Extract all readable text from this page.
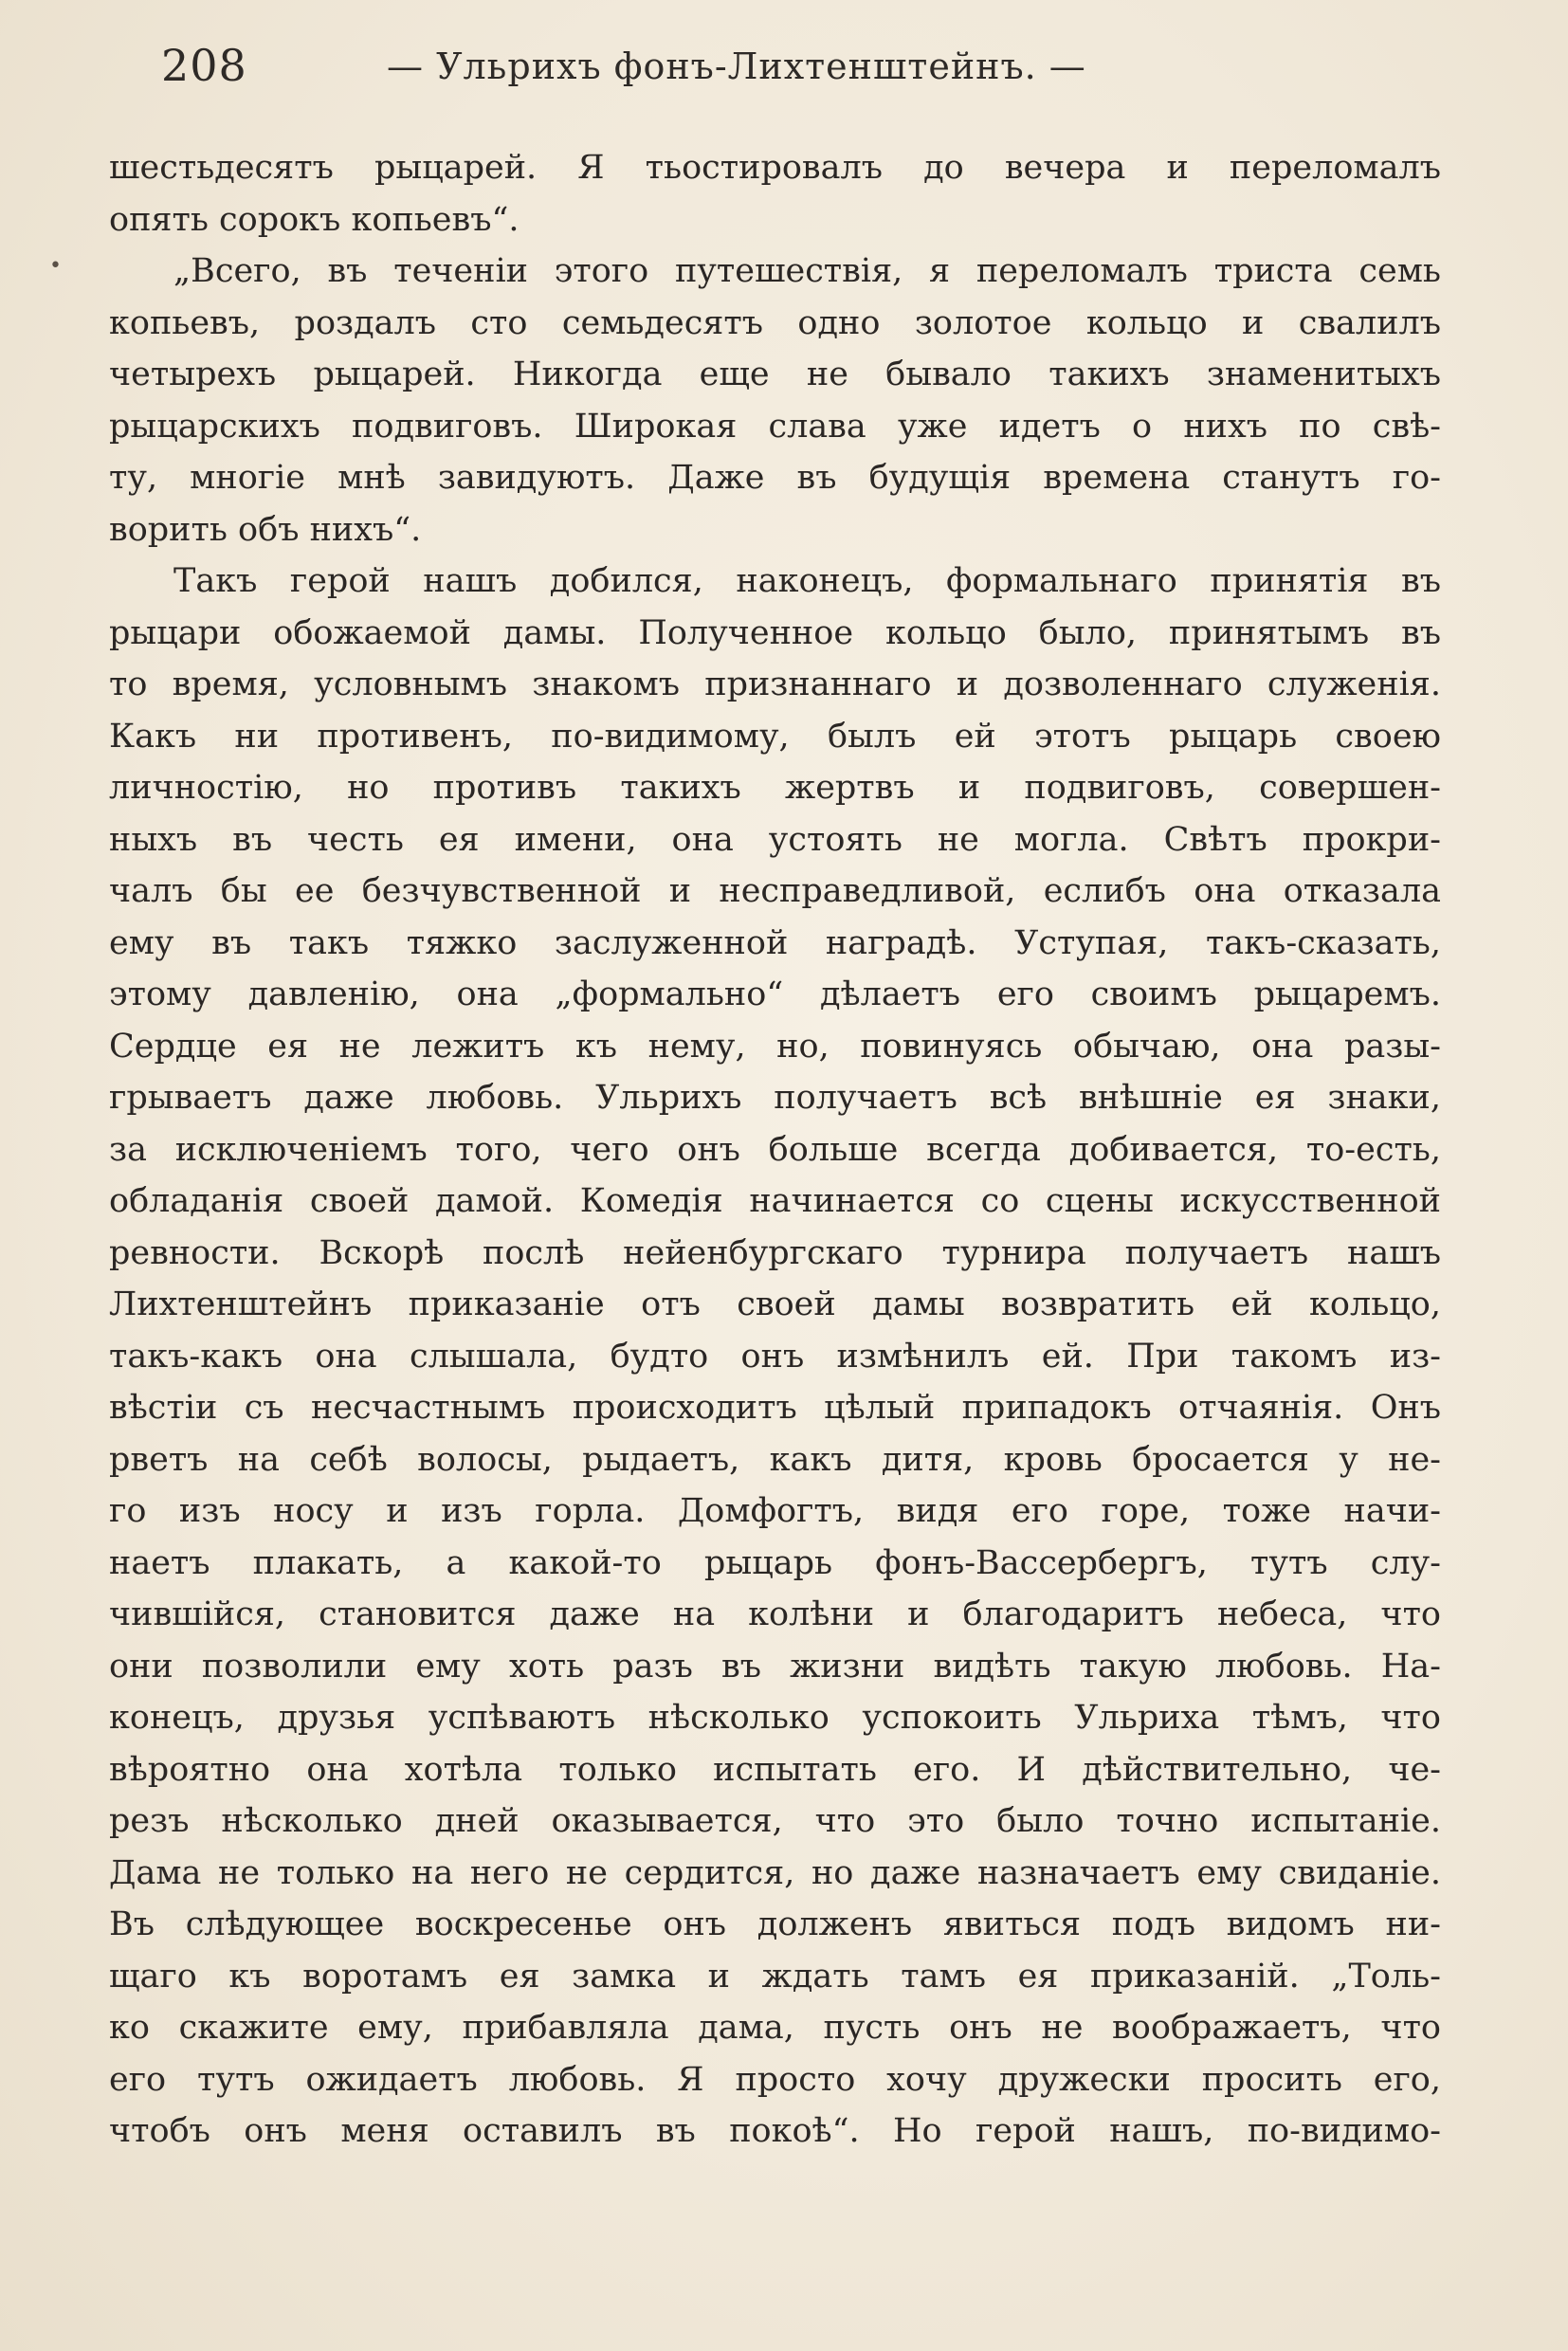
208	— Ульрихъ фонъ-Лихтенштейнъ. —
•
шестьдесятъ рыцарей. Я тьостировалъ до вечера и переломалъ
опять сорокъ копьевъ“.
„Всего, въ теченіи этого путешествія, я переломалъ триста семь
копьевъ, роздалъ сто семьдесятъ одно золотое кольцо и свалилъ
четырехъ рыцарей. Никогда еще не бывало такихъ знаменитыхъ
рыцарскихъ подвиговъ. Широкая слава уже идетъ о нихъ по свѣ-
ту, многіе мнѣ завидуютъ. Даже въ будущія времена станутъ го-
ворить объ нихъ“.
Такъ герой нашъ добился, наконецъ, формальнаго принятія въ
рыцари обожаемой дамы. Полученное кольцо было, принятымъ въ
то время, условнымъ знакомъ признаннаго и дозволеннаго служенія.
Какъ ни противенъ, по-видимому, былъ ей этотъ рыцарь своею
личностію, но противъ такихъ жертвъ и подвиговъ, совершен-
ныхъ въ честь ея имени, она устоять не могла. Свѣтъ прокри-
чалъ бы ее безчувственной и несправедливой, еслибъ она отказала
ему въ такъ тяжко заслуженной наградѣ. Уступая, такъ-сказать,
этому давленію, она „формально“ дѣлаетъ его своимъ рыцаремъ.
Сердце ея не лежитъ къ нему, но, повинуясь обычаю, она разы-
грываетъ даже любовь. Ульрихъ получаетъ всѣ внѣшніе ея знаки,
за исключеніемъ того, чего онъ больше всегда добивается, то-есть,
обладанія своей дамой. Комедія начинается со сцены искусственной
ревности. Вскорѣ послѣ нейенбургскаго турнира получаетъ нашъ
Лихтенштейнъ приказаніе отъ своей дамы возвратить ей кольцо,
такъ-какъ она слышала, будто онъ измѣнилъ ей. При такомъ из-
вѣстіи съ несчастнымъ происходитъ цѣлый припадокъ отчаянія. Онъ
рветъ на себѣ волосы, рыдаетъ, какъ дитя, кровь бросается у не-
го изъ носу и изъ горла. Домфогтъ, видя его горе, тоже начи-
наетъ плакать, а какой-то рыцарь фонъ-Вассербергъ, тутъ слу-
чившійся, становится даже на колѣни и благодаритъ небеса, что
они позволили ему хоть разъ въ жизни видѣть такую любовь. На-
конецъ, друзья успѣваютъ нѣсколько успокоить Ульриха тѣмъ, что
вѣроятно она хотѣла только испытать его. И дѣйствительно, че-
резъ нѣсколько дней оказывается, что это было точно испытаніе.
Дама не только на него не сердится, но даже назначаетъ ему свиданіе.
Въ слѣдующее воскресенье онъ долженъ явиться подъ видомъ ни-
щаго къ воротамъ ея замка и ждать тамъ ея приказаній. „Толь-
ко скажите ему, прибавляла дама, пусть онъ не воображаетъ, что
его тутъ ожидаетъ любовь. Я просто хочу дружески просить его,
чтобъ онъ меня оставилъ въ покоѣ“. Но герой нашъ, по-видимо-
